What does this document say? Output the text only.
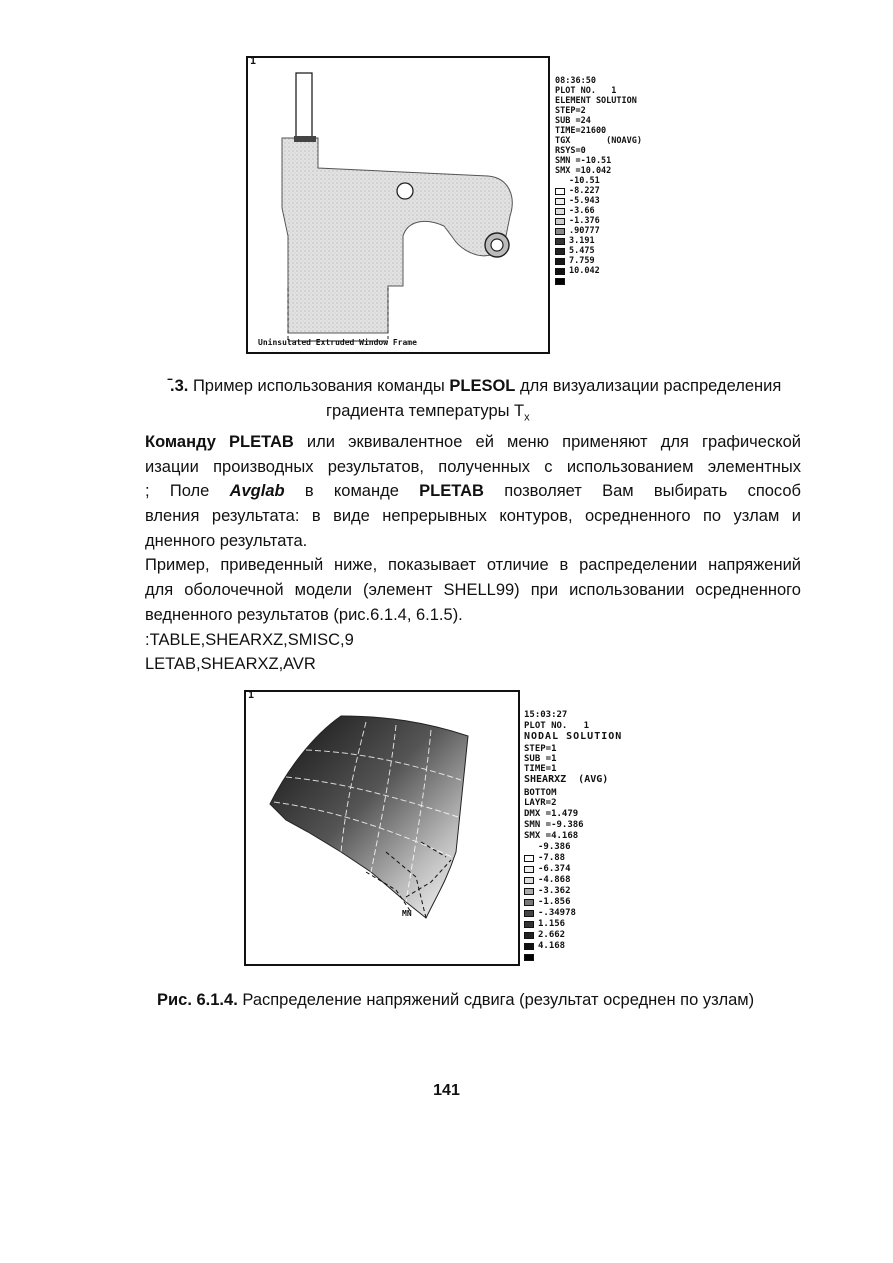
1
Uninsulated Extruded Window Frame
08:36:50
PLOT NO.   1
ELEMENT SOLUTION
STEP=2
SUB =24
TIME=21600
TGX       (NOAVG)
RSYS=0
SMN =-10.51
SMX =10.042
-10.51
-8.227
-5.943
-3.66
-1.376
.90777
3.191
5.475
7.759
10.042
̄.3. Пример использования команды PLESOL для визуализации распределения
градиента температуры $T_x$
Команду PLETAB или эквивалентное ей меню применяют для графической
изации производных результатов, полученных с использованием элементных
; Поле Avglab в команде PLETAB позволяет Вам выбирать способ
вления результата: в виде непрерывных контуров, осредненного по узлам и
дненного результата.
Пример, приведенный ниже, показывает отличие в распределении напряжений
для оболочечной модели (элемент SHELL99) при использовании осредненного
ведненного результатов (рис.6.1.4, 6.1.5).
:TABLE,SHEARXZ,SMISC,9
LETAB,SHEARXZ,AVR
1
MN
15:03:27
PLOT NO.   1
NODAL SOLUTION
STEP=1
SUB =1
TIME=1
SHEARXZ  (AVG)
BOTTOM
LAYR=2
DMX =1.479
SMN =-9.386
SMX =4.168
-9.386
-7.88
-6.374
-4.868
-3.362
-1.856
-.34978
1.156
2.662
4.168
Рис. 6.1.4. Распределение напряжений сдвига (результат осреднен по узлам)
141
